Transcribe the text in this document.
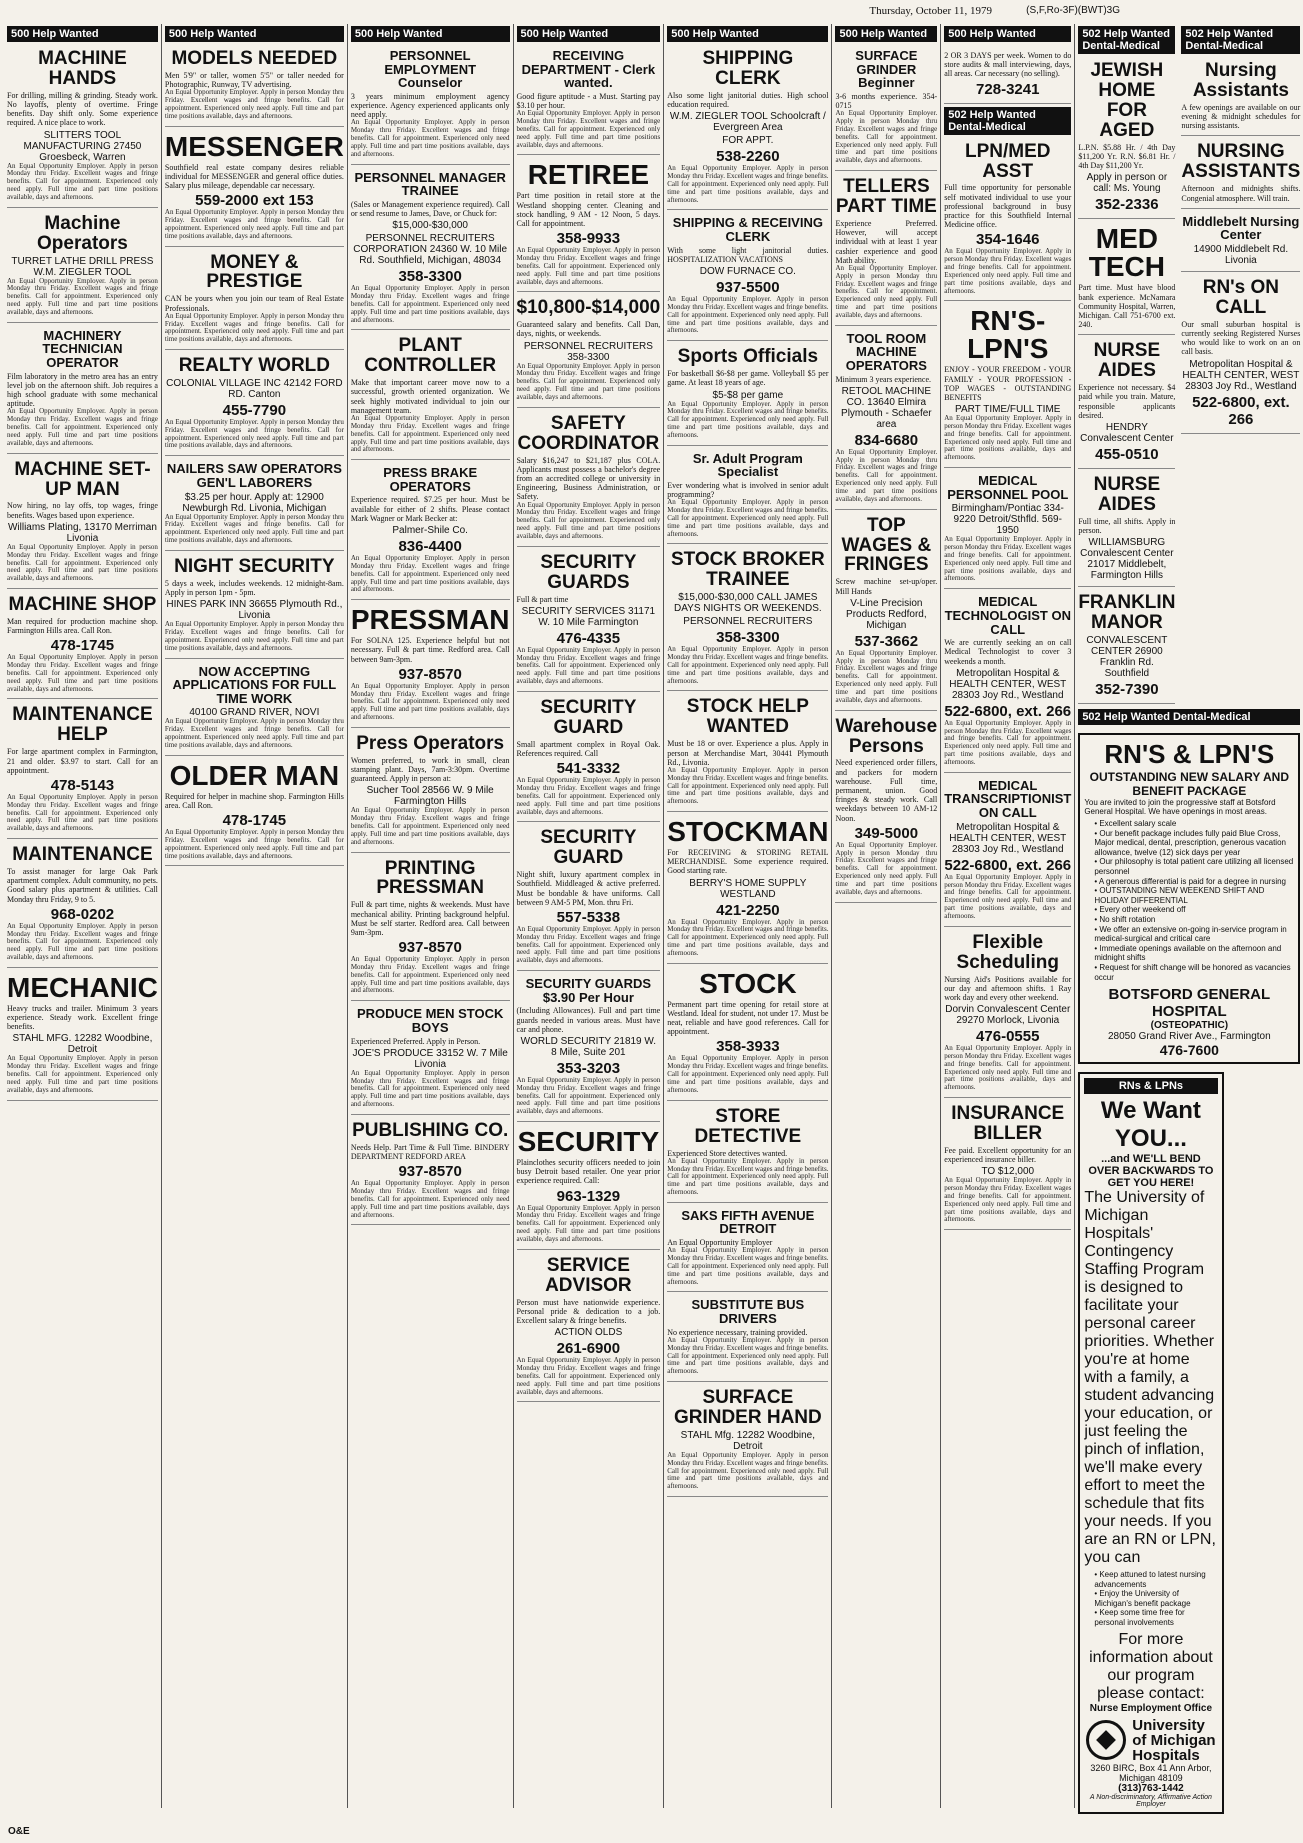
Thursday, October 11, 1979	(S,F,Ro-3F)(BWT)3G
500 Help Wanted
MACHINE HANDS
For drilling, milling & grinding. Steady work. No layoffs, plenty of overtime. Fringe benefits. Day shift only. Some experience required. A nice place to work.
SLITTERS TOOL MANUFACTURING 27450 Groesbeck, Warren
An Equal Opportunity Employer. Apply in person Monday thru Friday. Excellent wages and fringe benefits. Call for appointment. Experienced only need apply. Full time and part time positions available, days and afternoons.
Machine Operators
TURRET LATHE DRILL PRESS W.M. ZIEGLER TOOL
An Equal Opportunity Employer. Apply in person Monday thru Friday. Excellent wages and fringe benefits. Call for appointment. Experienced only need apply. Full time and part time positions available, days and afternoons.
MACHINERY TECHNICIAN OPERATOR
Film laboratory in the metro area has an entry level job on the afternoon shift. Job requires a high school graduate with some mechanical aptitude.
An Equal Opportunity Employer. Apply in person Monday thru Friday. Excellent wages and fringe benefits. Call for appointment. Experienced only need apply. Full time and part time positions available, days and afternoons.
MACHINE SET-UP MAN
Now hiring, no lay offs, top wages, fringe benefits. Wages based upon experience.
Williams Plating, 13170 Merriman Livonia
An Equal Opportunity Employer. Apply in person Monday thru Friday. Excellent wages and fringe benefits. Call for appointment. Experienced only need apply. Full time and part time positions available, days and afternoons.
MACHINE SHOP
Man required for production machine shop. Farmington Hills area. Call Ron.
478-1745
An Equal Opportunity Employer. Apply in person Monday thru Friday. Excellent wages and fringe benefits. Call for appointment. Experienced only need apply. Full time and part time positions available, days and afternoons.
MAINTENANCE HELP
For large apartment complex in Farmington, 21 and older. $3.97 to start. Call for an appointment.
478-5143
An Equal Opportunity Employer. Apply in person Monday thru Friday. Excellent wages and fringe benefits. Call for appointment. Experienced only need apply. Full time and part time positions available, days and afternoons.
MAINTENANCE
To assist manager for large Oak Park apartment complex. Adult community, no pets. Good salary plus apartment & utilities. Call Monday thru Friday, 9 to 5.
968-0202
An Equal Opportunity Employer. Apply in person Monday thru Friday. Excellent wages and fringe benefits. Call for appointment. Experienced only need apply. Full time and part time positions available, days and afternoons.
MECHANIC
Heavy trucks and trailer. Minimum 3 years experience. Steady work. Excellent fringe benefits.
STAHL MFG. 12282 Woodbine, Detroit
An Equal Opportunity Employer. Apply in person Monday thru Friday. Excellent wages and fringe benefits. Call for appointment. Experienced only need apply. Full time and part time positions available, days and afternoons.
500 Help Wanted
MODELS NEEDED
Men 5'9" or taller, women 5'5" or taller needed for Photographic, Runway, TV advertising.
An Equal Opportunity Employer. Apply in person Monday thru Friday. Excellent wages and fringe benefits. Call for appointment. Experienced only need apply. Full time and part time positions available, days and afternoons.
MESSENGER
Southfield real estate company desires reliable individual for MESSENGER and general office duties. Salary plus mileage, dependable car necessary.
559-2000 ext 153
An Equal Opportunity Employer. Apply in person Monday thru Friday. Excellent wages and fringe benefits. Call for appointment. Experienced only need apply. Full time and part time positions available, days and afternoons.
MONEY & PRESTIGE
CAN be yours when you join our team of Real Estate Professionals.
An Equal Opportunity Employer. Apply in person Monday thru Friday. Excellent wages and fringe benefits. Call for appointment. Experienced only need apply. Full time and part time positions available, days and afternoons.
REALTY WORLD
COLONIAL VILLAGE INC 42142 FORD RD. Canton
455-7790
An Equal Opportunity Employer. Apply in person Monday thru Friday. Excellent wages and fringe benefits. Call for appointment. Experienced only need apply. Full time and part time positions available, days and afternoons.
NAILERS SAW OPERATORS GEN'L LABORERS
$3.25 per hour. Apply at: 12900 Newburgh Rd. Livonia, Michigan
An Equal Opportunity Employer. Apply in person Monday thru Friday. Excellent wages and fringe benefits. Call for appointment. Experienced only need apply. Full time and part time positions available, days and afternoons.
NIGHT SECURITY
5 days a week, includes weekends. 12 midnight-8am. Apply in person 1pm - 5pm.
HINES PARK INN 36655 Plymouth Rd., Livonia
An Equal Opportunity Employer. Apply in person Monday thru Friday. Excellent wages and fringe benefits. Call for appointment. Experienced only need apply. Full time and part time positions available, days and afternoons.
NOW ACCEPTING APPLICATIONS FOR FULL TIME WORK
40100 GRAND RIVER, NOVI
An Equal Opportunity Employer. Apply in person Monday thru Friday. Excellent wages and fringe benefits. Call for appointment. Experienced only need apply. Full time and part time positions available, days and afternoons.
OLDER MAN
Required for helper in machine shop. Farmington Hills area. Call Ron.
478-1745
An Equal Opportunity Employer. Apply in person Monday thru Friday. Excellent wages and fringe benefits. Call for appointment. Experienced only need apply. Full time and part time positions available, days and afternoons.
500 Help Wanted
PERSONNEL EMPLOYMENT Counselor
3 years minimum employment agency experience. Agency experienced applicants only need apply.
An Equal Opportunity Employer. Apply in person Monday thru Friday. Excellent wages and fringe benefits. Call for appointment. Experienced only need apply. Full time and part time positions available, days and afternoons.
PERSONNEL MANAGER TRAINEE
(Sales or Management experience required). Call or send resume to James, Dave, or Chuck for:
$15,000-$30,000
PERSONNEL RECRUITERS CORPORATION 24360 W. 10 Mile Rd. Southfield, Michigan, 48034
358-3300
An Equal Opportunity Employer. Apply in person Monday thru Friday. Excellent wages and fringe benefits. Call for appointment. Experienced only need apply. Full time and part time positions available, days and afternoons.
PLANT CONTROLLER
Make that important career move now to a successful, growth oriented organization. We seek highly motivated individual to join our management team.
An Equal Opportunity Employer. Apply in person Monday thru Friday. Excellent wages and fringe benefits. Call for appointment. Experienced only need apply. Full time and part time positions available, days and afternoons.
PRESS BRAKE OPERATORS
Experience required. $7.25 per hour. Must be available for either of 2 shifts. Please contact Mark Wagner or Mark Becker at:
Palmer-Shile Co.
836-4400
An Equal Opportunity Employer. Apply in person Monday thru Friday. Excellent wages and fringe benefits. Call for appointment. Experienced only need apply. Full time and part time positions available, days and afternoons.
PRESSMAN
For SOLNA 125. Experience helpful but not necessary. Full & part time. Redford area. Call between 9am-3pm.
937-8570
An Equal Opportunity Employer. Apply in person Monday thru Friday. Excellent wages and fringe benefits. Call for appointment. Experienced only need apply. Full time and part time positions available, days and afternoons.
Press Operators
Women preferred, to work in small, clean stamping plant. Days, 7am-3:30pm. Overtime guaranteed. Apply in person at:
Sucher Tool 28566 W. 9 Mile Farmington Hills
An Equal Opportunity Employer. Apply in person Monday thru Friday. Excellent wages and fringe benefits. Call for appointment. Experienced only need apply. Full time and part time positions available, days and afternoons.
PRINTING PRESSMAN
Full & part time, nights & weekends. Must have mechanical ability. Printing background helpful. Must be self starter. Redford area. Call between 9am-3pm.
937-8570
An Equal Opportunity Employer. Apply in person Monday thru Friday. Excellent wages and fringe benefits. Call for appointment. Experienced only need apply. Full time and part time positions available, days and afternoons.
PRODUCE MEN STOCK BOYS
Experienced Preferred. Apply in Person.
JOE'S PRODUCE 33152 W. 7 Mile Livonia
An Equal Opportunity Employer. Apply in person Monday thru Friday. Excellent wages and fringe benefits. Call for appointment. Experienced only need apply. Full time and part time positions available, days and afternoons.
PUBLISHING CO.
Needs Help. Part Time & Full Time. BINDERY DEPARTMENT REDFORD AREA
937-8570
An Equal Opportunity Employer. Apply in person Monday thru Friday. Excellent wages and fringe benefits. Call for appointment. Experienced only need apply. Full time and part time positions available, days and afternoons.
500 Help Wanted
RECEIVING DEPARTMENT - Clerk wanted.
Good figure aptitude - a Must. Starting pay $3.10 per hour.
An Equal Opportunity Employer. Apply in person Monday thru Friday. Excellent wages and fringe benefits. Call for appointment. Experienced only need apply. Full time and part time positions available, days and afternoons.
RETIREE
Part time position in retail store at the Westland shopping center. Cleaning and stock handling, 9 AM - 12 Noon, 5 days. Call for appointment.
358-9933
An Equal Opportunity Employer. Apply in person Monday thru Friday. Excellent wages and fringe benefits. Call for appointment. Experienced only need apply. Full time and part time positions available, days and afternoons.
$10,800-$14,000
Guaranteed salary and benefits. Call Dan, days, nights, or weekends.
PERSONNEL RECRUITERS 358-3300
An Equal Opportunity Employer. Apply in person Monday thru Friday. Excellent wages and fringe benefits. Call for appointment. Experienced only need apply. Full time and part time positions available, days and afternoons.
SAFETY COORDINATOR
Salary $16,247 to $21,187 plus COLA. Applicants must possess a bachelor's degree from an accredited college or university in Engineering, Business Administration, or Safety.
An Equal Opportunity Employer. Apply in person Monday thru Friday. Excellent wages and fringe benefits. Call for appointment. Experienced only need apply. Full time and part time positions available, days and afternoons.
SECURITY GUARDS
Full & part time
SECURITY SERVICES 31171 W. 10 Mile Farmington
476-4335
An Equal Opportunity Employer. Apply in person Monday thru Friday. Excellent wages and fringe benefits. Call for appointment. Experienced only need apply. Full time and part time positions available, days and afternoons.
SECURITY GUARD
Small apartment complex in Royal Oak. References required. Call
541-3332
An Equal Opportunity Employer. Apply in person Monday thru Friday. Excellent wages and fringe benefits. Call for appointment. Experienced only need apply. Full time and part time positions available, days and afternoons.
SECURITY GUARD
Night shift, luxury apartment complex in Southfield. Middleaged & active preferred. Must be bondable & have uniforms. Call between 9 AM-5 PM, Mon. thru Fri.
557-5338
An Equal Opportunity Employer. Apply in person Monday thru Friday. Excellent wages and fringe benefits. Call for appointment. Experienced only need apply. Full time and part time positions available, days and afternoons.
SECURITY GUARDS $3.90 Per Hour
(Including Allowances). Full and part time guards needed in various areas. Must have car and phone.
WORLD SECURITY 21819 W. 8 Mile, Suite 201
353-3203
An Equal Opportunity Employer. Apply in person Monday thru Friday. Excellent wages and fringe benefits. Call for appointment. Experienced only need apply. Full time and part time positions available, days and afternoons.
SECURITY
Plainclothes security officers needed to join busy Detroit based retailer. One year prior experience required. Call:
963-1329
An Equal Opportunity Employer. Apply in person Monday thru Friday. Excellent wages and fringe benefits. Call for appointment. Experienced only need apply. Full time and part time positions available, days and afternoons.
SERVICE ADVISOR
Person must have nationwide experience. Personal pride & dedication to a job. Excellent salary & fringe benefits.
ACTION OLDS
261-6900
An Equal Opportunity Employer. Apply in person Monday thru Friday. Excellent wages and fringe benefits. Call for appointment. Experienced only need apply. Full time and part time positions available, days and afternoons.
500 Help Wanted
SHIPPING CLERK
Also some light janitorial duties. High school education required.
W.M. ZIEGLER TOOL Schoolcraft / Evergreen Area
FOR APPT.
538-2260
An Equal Opportunity Employer. Apply in person Monday thru Friday. Excellent wages and fringe benefits. Call for appointment. Experienced only need apply. Full time and part time positions available, days and afternoons.
SHIPPING & RECEIVING CLERK
With some light janitorial duties. HOSPITALIZATION VACATIONS
DOW FURNACE CO.
937-5500
An Equal Opportunity Employer. Apply in person Monday thru Friday. Excellent wages and fringe benefits. Call for appointment. Experienced only need apply. Full time and part time positions available, days and afternoons.
Sports Officials
For basketball $6-$8 per game. Volleyball $5 per game. At least 18 years of age.
$5-$8 per game
An Equal Opportunity Employer. Apply in person Monday thru Friday. Excellent wages and fringe benefits. Call for appointment. Experienced only need apply. Full time and part time positions available, days and afternoons.
Sr. Adult Program Specialist
Ever wondering what is involved in senior adult programming?
An Equal Opportunity Employer. Apply in person Monday thru Friday. Excellent wages and fringe benefits. Call for appointment. Experienced only need apply. Full time and part time positions available, days and afternoons.
STOCK BROKER TRAINEE
$15,000-$30,000 CALL JAMES DAYS NIGHTS OR WEEKENDS.
PERSONNEL RECRUITERS
358-3300
An Equal Opportunity Employer. Apply in person Monday thru Friday. Excellent wages and fringe benefits. Call for appointment. Experienced only need apply. Full time and part time positions available, days and afternoons.
STOCK HELP WANTED
Must be 18 or over. Experience a plus. Apply in person at Merchandise Mart, 30441 Plymouth Rd., Livonia.
An Equal Opportunity Employer. Apply in person Monday thru Friday. Excellent wages and fringe benefits. Call for appointment. Experienced only need apply. Full time and part time positions available, days and afternoons.
STOCKMAN
For RECEIVING & STORING RETAIL MERCHANDISE. Some experience required. Good starting rate.
BERRY'S HOME SUPPLY WESTLAND
421-2250
An Equal Opportunity Employer. Apply in person Monday thru Friday. Excellent wages and fringe benefits. Call for appointment. Experienced only need apply. Full time and part time positions available, days and afternoons.
STOCK
Permanent part time opening for retail store at Westland. Ideal for student, not under 17. Must be neat, reliable and have good references. Call for appointment.
358-3933
An Equal Opportunity Employer. Apply in person Monday thru Friday. Excellent wages and fringe benefits. Call for appointment. Experienced only need apply. Full time and part time positions available, days and afternoons.
STORE DETECTIVE
Experienced Store detectives wanted.
An Equal Opportunity Employer. Apply in person Monday thru Friday. Excellent wages and fringe benefits. Call for appointment. Experienced only need apply. Full time and part time positions available, days and afternoons.
SAKS FIFTH AVENUE DETROIT
An Equal Opportunity Employer
An Equal Opportunity Employer. Apply in person Monday thru Friday. Excellent wages and fringe benefits. Call for appointment. Experienced only need apply. Full time and part time positions available, days and afternoons.
SUBSTITUTE BUS DRIVERS
No experience necessary, training provided.
An Equal Opportunity Employer. Apply in person Monday thru Friday. Excellent wages and fringe benefits. Call for appointment. Experienced only need apply. Full time and part time positions available, days and afternoons.
SURFACE GRINDER HAND
STAHL Mfg. 12282 Woodbine, Detroit
An Equal Opportunity Employer. Apply in person Monday thru Friday. Excellent wages and fringe benefits. Call for appointment. Experienced only need apply. Full time and part time positions available, days and afternoons.
500 Help Wanted
SURFACE GRINDER Beginner
3-6 months experience. 354-0715
An Equal Opportunity Employer. Apply in person Monday thru Friday. Excellent wages and fringe benefits. Call for appointment. Experienced only need apply. Full time and part time positions available, days and afternoons.
TELLERS PART TIME
Experience Preferred. However, will accept individual with at least 1 year cashier experience and good Math ability.
An Equal Opportunity Employer. Apply in person Monday thru Friday. Excellent wages and fringe benefits. Call for appointment. Experienced only need apply. Full time and part time positions available, days and afternoons.
TOOL ROOM MACHINE OPERATORS
Minimum 3 years experience.
RETOOL MACHINE CO. 13640 Elmira Plymouth - Schaefer area
834-6680
An Equal Opportunity Employer. Apply in person Monday thru Friday. Excellent wages and fringe benefits. Call for appointment. Experienced only need apply. Full time and part time positions available, days and afternoons.
TOP WAGES & FRINGES
Screw machine set-up/oper. Mill Hands
V-Line Precision Products Redford, Michigan
537-3662
An Equal Opportunity Employer. Apply in person Monday thru Friday. Excellent wages and fringe benefits. Call for appointment. Experienced only need apply. Full time and part time positions available, days and afternoons.
Warehouse Persons
Need experienced order fillers, and packers for modern warehouse. Full time, permanent, union. Good fringes & steady work. Call weekdays between 10 AM-12 Noon.
349-5000
An Equal Opportunity Employer. Apply in person Monday thru Friday. Excellent wages and fringe benefits. Call for appointment. Experienced only need apply. Full time and part time positions available, days and afternoons.
500 Help Wanted
2 OR 3 DAYS per week. Women to do store audits & mall interviewing, days, all areas. Car necessary (no selling).
728-3241
502 Help Wanted Dental-Medical
LPN/MED ASST
Full time opportunity for personable self motivated individual to use your professional background in busy practice for this Southfield Internal Medicine office.
354-1646
An Equal Opportunity Employer. Apply in person Monday thru Friday. Excellent wages and fringe benefits. Call for appointment. Experienced only need apply. Full time and part time positions available, days and afternoons.
RN'S-LPN'S
ENJOY - YOUR FREEDOM - YOUR FAMILY - YOUR PROFESSION - TOP WAGES - OUTSTANDING BENEFITS
PART TIME/FULL TIME
An Equal Opportunity Employer. Apply in person Monday thru Friday. Excellent wages and fringe benefits. Call for appointment. Experienced only need apply. Full time and part time positions available, days and afternoons.
MEDICAL PERSONNEL POOL
Birmingham/Pontiac 334-9220 Detroit/Sthfld. 569-1950
An Equal Opportunity Employer. Apply in person Monday thru Friday. Excellent wages and fringe benefits. Call for appointment. Experienced only need apply. Full time and part time positions available, days and afternoons.
MEDICAL TECHNOLOGIST ON CALL
We are currently seeking an on call Medical Technologist to cover 3 weekends a month.
Metropolitan Hospital & HEALTH CENTER, WEST 28303 Joy Rd., Westland
522-6800, ext. 266
An Equal Opportunity Employer. Apply in person Monday thru Friday. Excellent wages and fringe benefits. Call for appointment. Experienced only need apply. Full time and part time positions available, days and afternoons.
MEDICAL TRANSCRIPTIONIST ON CALL
Metropolitan Hospital & HEALTH CENTER, WEST 28303 Joy Rd., Westland
522-6800, ext. 266
An Equal Opportunity Employer. Apply in person Monday thru Friday. Excellent wages and fringe benefits. Call for appointment. Experienced only need apply. Full time and part time positions available, days and afternoons.
Flexible Scheduling
Nursing Aid's Positions available for our day and afternoon shifts. 1 Ray work day and every other weekend.
Dorvin Convalescent Center 29270 Morlock, Livonia
476-0555
An Equal Opportunity Employer. Apply in person Monday thru Friday. Excellent wages and fringe benefits. Call for appointment. Experienced only need apply. Full time and part time positions available, days and afternoons.
INSURANCE BILLER
Fee paid. Excellent opportunity for an experienced insurance biller.
TO $12,000
An Equal Opportunity Employer. Apply in person Monday thru Friday. Excellent wages and fringe benefits. Call for appointment. Experienced only need apply. Full time and part time positions available, days and afternoons.
502 Help Wanted Dental-Medical
JEWISH HOME FOR AGED
L.P.N. $5.88 Hr. / 4th Day $11,200 Yr. R.N. $6.81 Hr. / 4th Day $11,200 Yr.
Apply in person or call: Ms. Young
352-2336
MED TECH
Part time. Must have blood bank experience. McNamara Community Hospital, Warren, Michigan. Call 751-6700 ext. 240.
NURSE AIDES
Experience not necessary. $4 paid while you train. Mature, responsible applicants desired.
HENDRY Convalescent Center
455-0510
NURSE AIDES
Full time, all shifts. Apply in person.
WILLIAMSBURG Convalescent Center 21017 Middlebelt, Farmington Hills
FRANKLIN MANOR
CONVALESCENT CENTER 26900 Franklin Rd. Southfield
352-7390
502 Help Wanted Dental-Medical
Nursing Assistants
A few openings are available on our evening & midnight schedules for nursing assistants.
NURSING ASSISTANTS
Afternoon and midnights shifts. Congenial atmosphere. Will train.
Middlebelt Nursing Center
14900 Middlebelt Rd. Livonia
RN's ON CALL
Our small suburban hospital is currently seeking Registered Nurses who would like to work on an on call basis.
Metropolitan Hospital & HEALTH CENTER, WEST 28303 Joy Rd., Westland
522-6800, ext. 266
502 Help Wanted Dental-Medical
RN'S & LPN'S
OUTSTANDING NEW SALARY AND BENEFIT PACKAGE
You are invited to join the progressive staff at Botsford General Hospital. We have openings in most areas.
• Excellent salary scale
• Our benefit package includes fully paid Blue Cross, Major medical, dental, prescription, generous vacation allowance, twelve (12) sick days per year
• Our philosophy is total patient care utilizing all licensed personnel
• A generous differential is paid for a degree in nursing
• OUTSTANDING NEW WEEKEND SHIFT AND HOLIDAY DIFFERENTIAL
• Every other weekend off
• No shift rotation
• We offer an extensive on-going in-service program in medical-surgical and critical care
• Immediate openings available on the afternoon and midnight shifts
• Request for shift change will be honored as vacancies occur
BOTSFORD GENERAL HOSPITAL
(OSTEOPATHIC)
28050 Grand River Ave., Farmington
476-7600
RNs & LPNs
We Want YOU...
...and WE'LL BEND OVER BACKWARDS TO GET YOU HERE!
The University of Michigan Hospitals' Contingency Staffing Program is designed to facilitate your personal career priorities. Whether you're at home with a family, a student advancing your education, or just feeling the pinch of inflation, we'll make every effort to meet the schedule that fits your needs. If you are an RN or LPN, you can
• Keep attuned to latest nursing advancements
• Enjoy the University of Michigan's benefit package
• Keep some time free for personal involvements
For more information about our program please contact:
Nurse Employment Office
University
of Michigan
Hospitals
3260 BIRC, Box 41 Ann Arbor, Michigan 48109
(313)763-1442
A Non-discriminatory, Affirmative Action Employer
O&E
